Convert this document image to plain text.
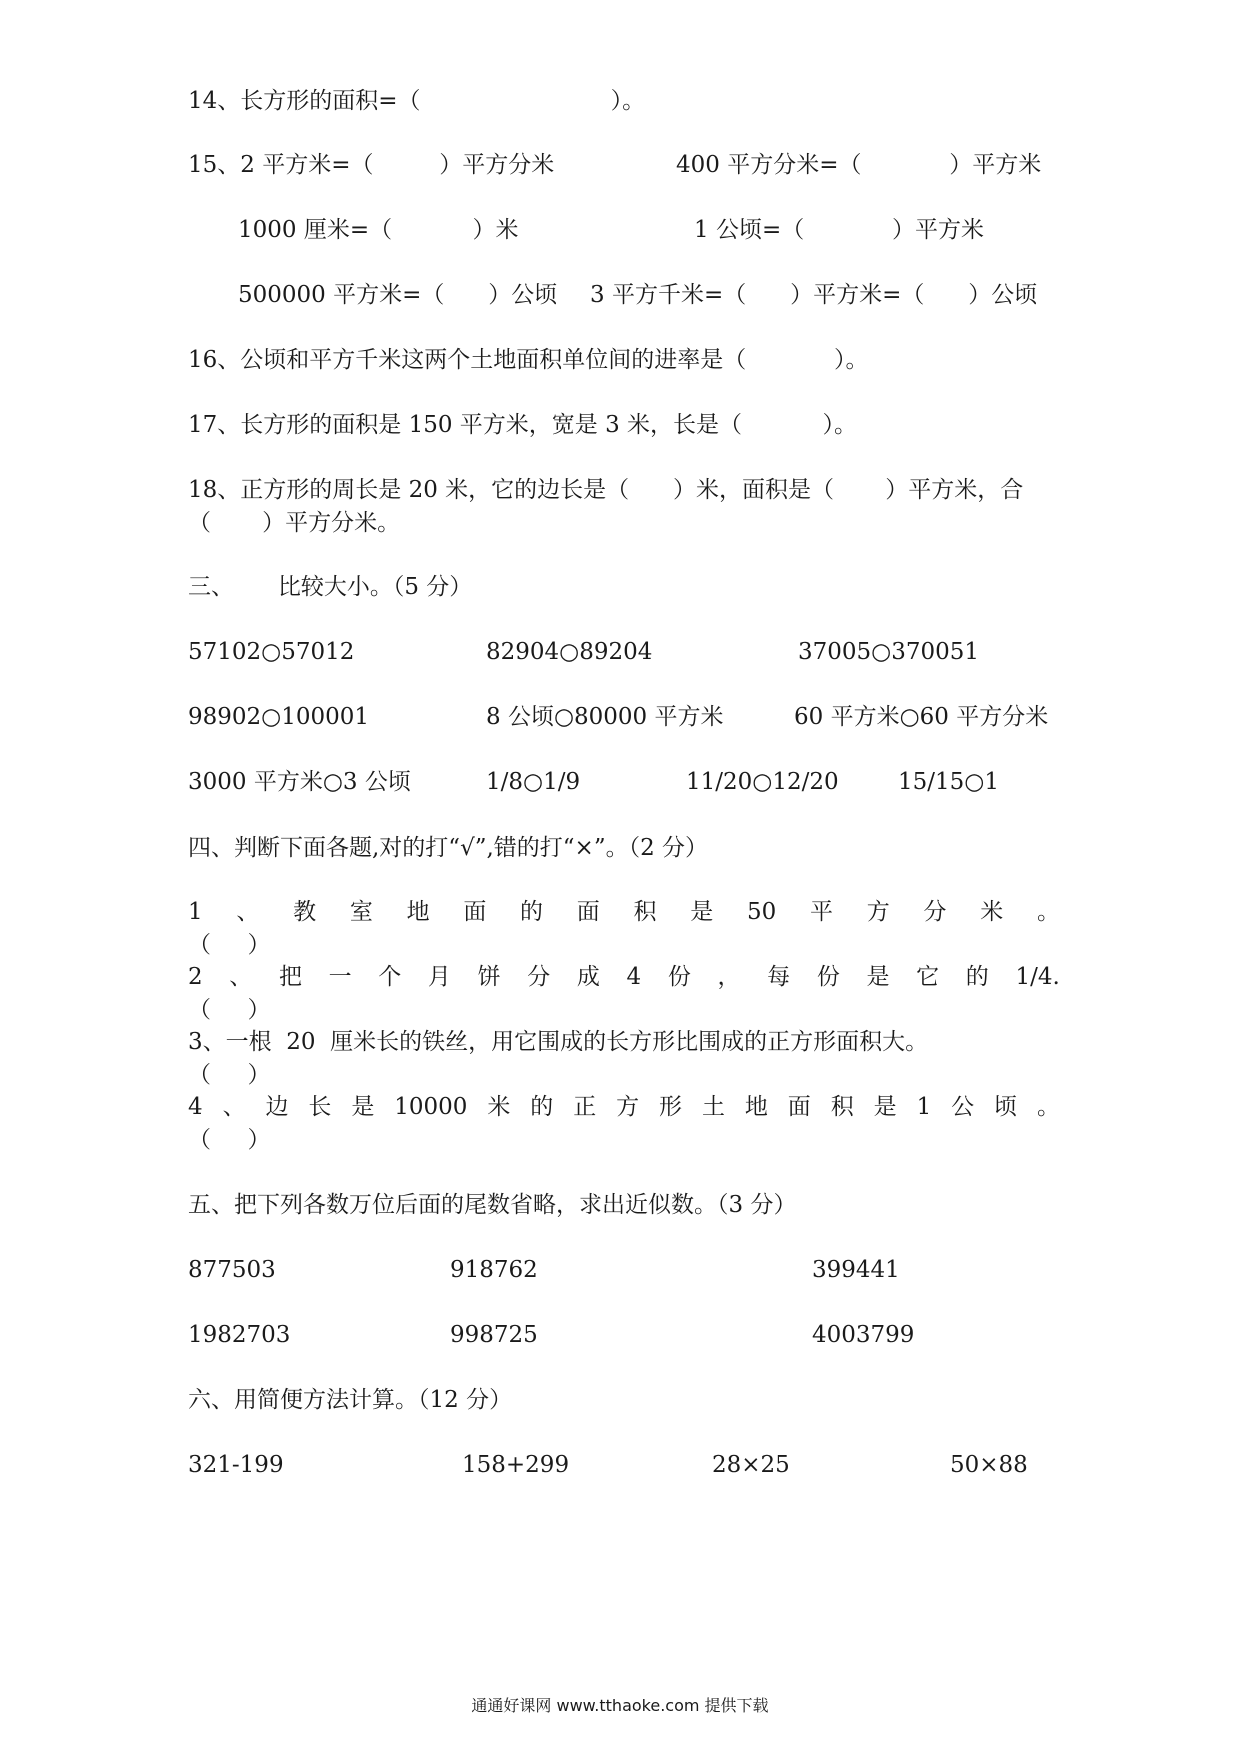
14、长方形的面积=（                          ）。
15、2 平方米=（         ）平方分米	400 平方分米=（            ）平方米
1000 厘米=（           ）米	1 公顷=（            ）平方米
500000 平方米=（      ）公顷 3 平方千米=（      ）平方米=（      ）公顷
16、公顷和平方千米这两个土地面积单位间的进率是（            ）。
17、长方形的面积是 150 平方米，宽是 3 米，长是（           ）。
18、正方形的周长是 20 米，它的边长是（      ）米，面积是（       ）平方米，合
（       ）平方分米。
三、      比较大小。（5 分）
57102○57012	82904○89204	37005○370051
98902○100001	8 公顷○80000 平方米	60 平方米○60 平方分米
3000 平方米○3 公顷	1/8○1/9	11/20○12/20	15/15○1
四、判断下面各题,对的打“√”,错的打“×”。（2 分）
1 、 教 室 地 面 的 面 积 是 50 平 方 分 米 。
（     ）
2 、 把 一 个 月 饼 分 成 4 份 ， 每 份 是 它 的 1/4.
（     ）
3、一根  20  厘米长的铁丝，用它围成的长方形比围成的正方形面积大。
（     ）
4 、 边 长 是 10000 米 的 正 方 形 土 地 面 积 是 1 公 顷 。
（     ）
五、把下列各数万位后面的尾数省略，求出近似数。（3 分）
877503	918762	399441
1982703	998725	4003799
六、用简便方法计算。（12 分）
321-199	158+299	28×25	50×88
通通好课网 www.tthaoke.com 提供下载
